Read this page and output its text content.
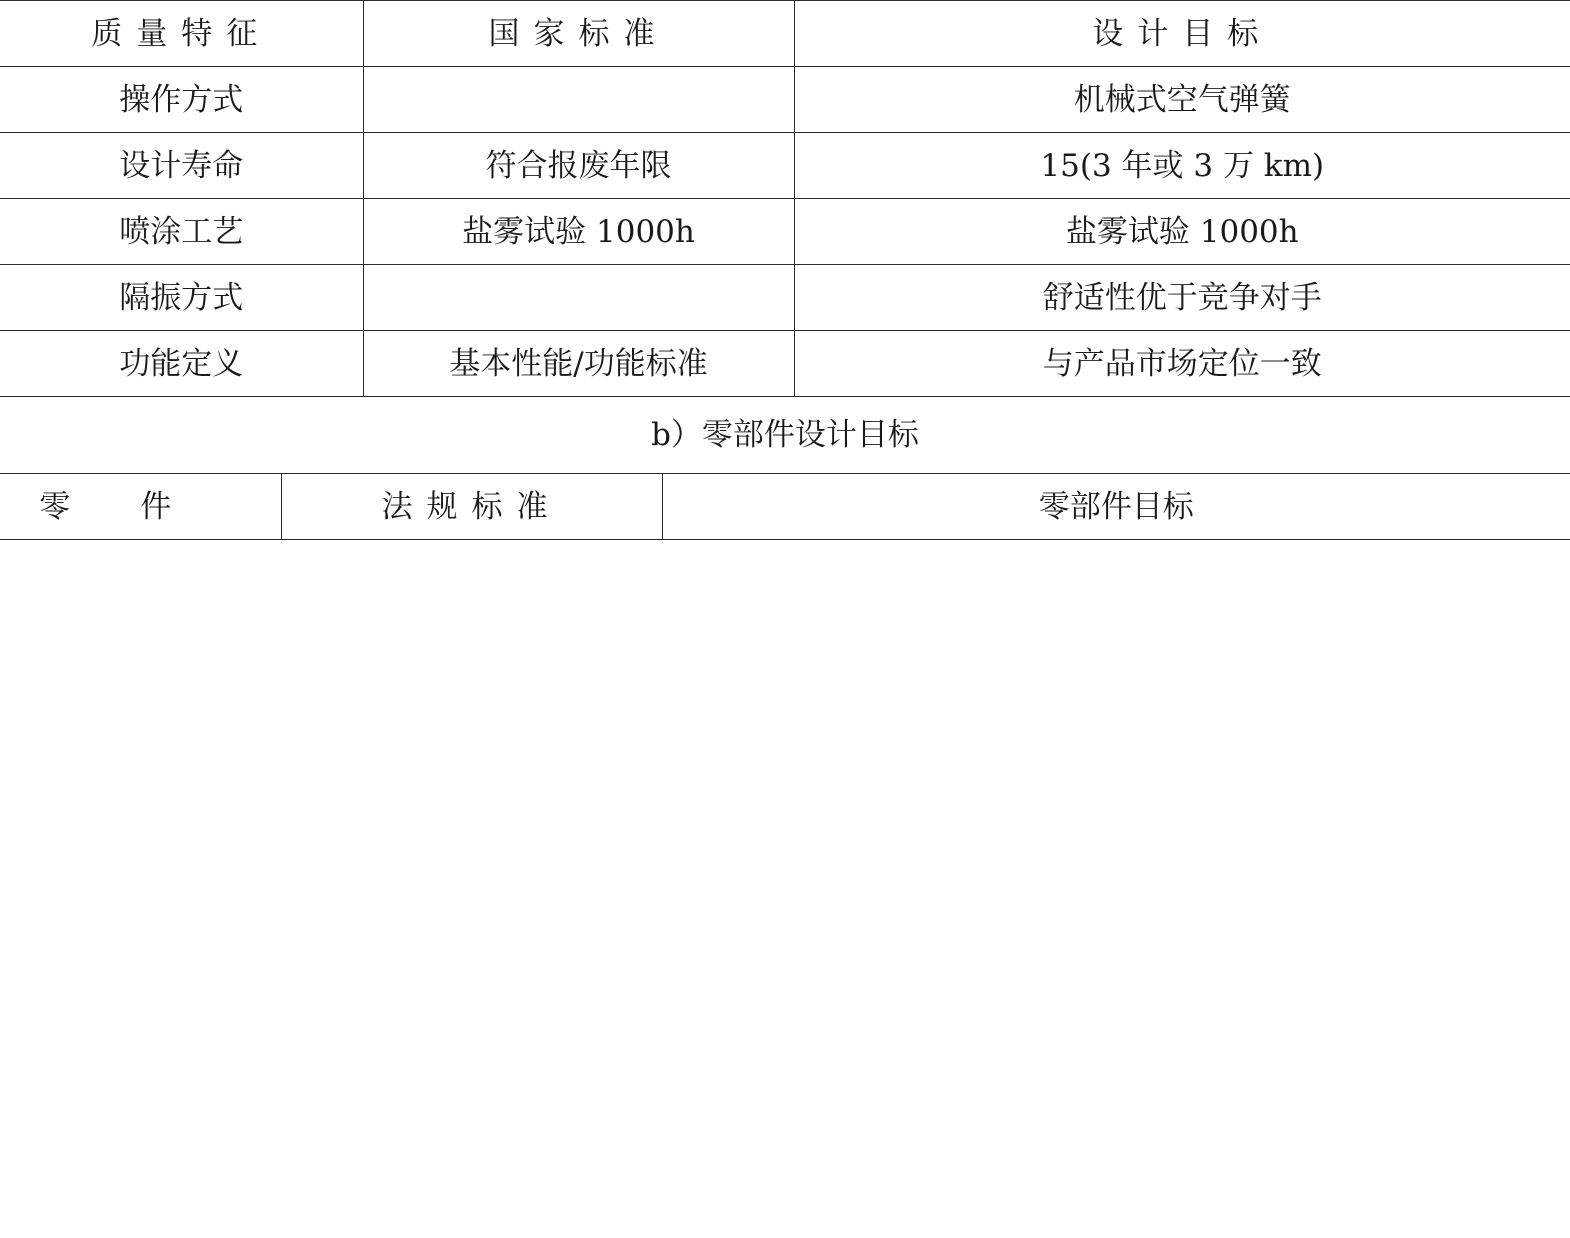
质量特征	国家标准	设计目标
操作方式		机械式空气弹簧
设计寿命	符合报废年限	15(3 年或 3 万 km)
喷涂工艺	盐雾试验 1000h	盐雾试验 1000h
隔振方式		舒适性优于竞争对手
功能定义	基本性能/功能标准	与产品市场定位一致
b）零部件设计目标
零件	法规标准	零部件目标
